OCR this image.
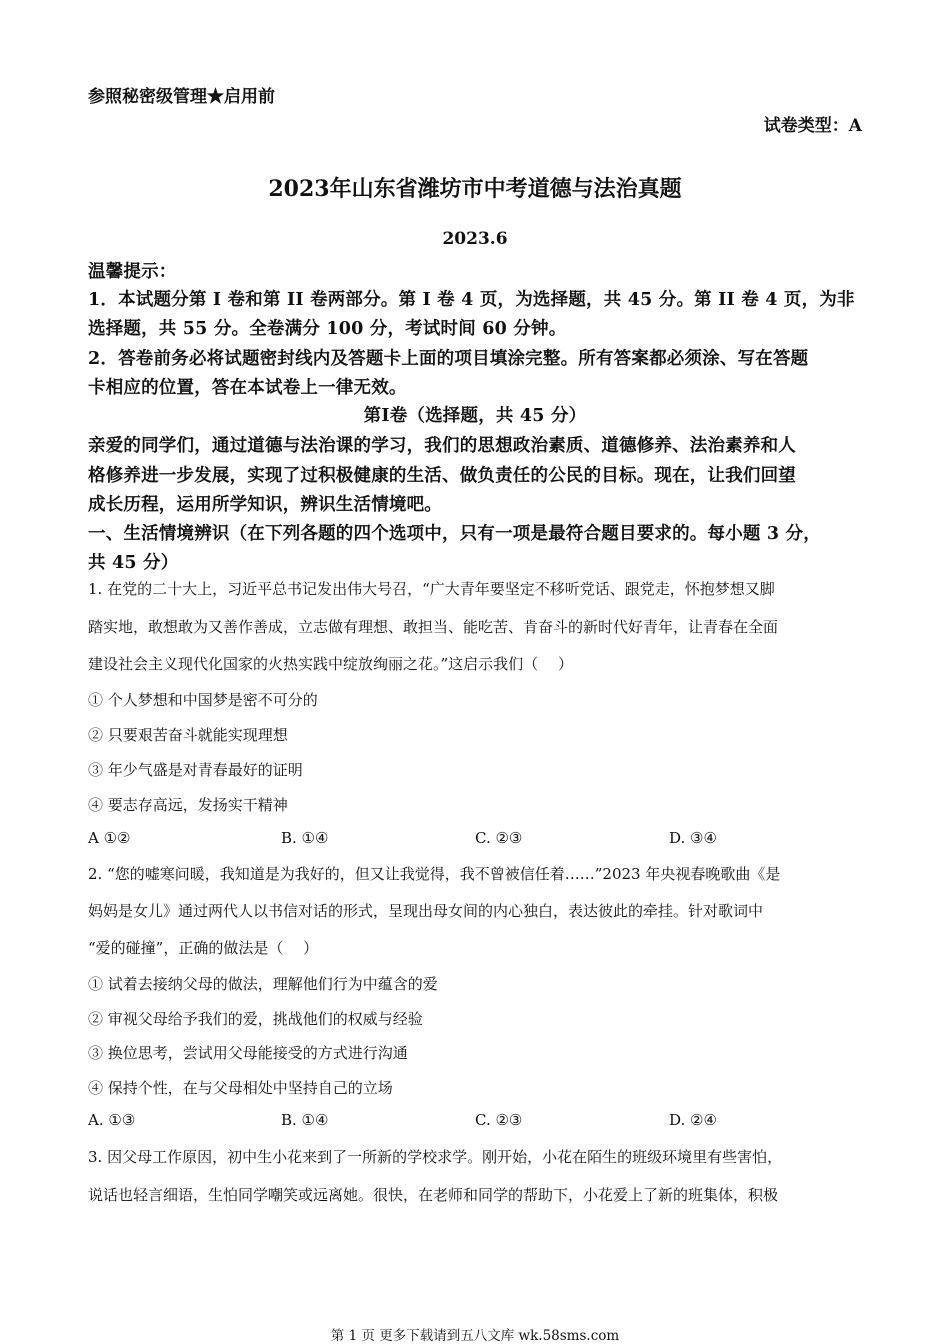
参照秘密级管理★启用前
试卷类型：A
2023年山东省潍坊市中考道德与法治真题
2023.6
温馨提示：
1．本试题分第 I 卷和第 II 卷两部分。第 I 卷 4 页，为选择题，共 45 分。第 II 卷 4 页，为非
选择题，共 55 分。全卷满分 100 分，考试时间 60 分钟。
2．答卷前务必将试题密封线内及答题卡上面的项目填涂完整。所有答案都必须涂、写在答题
卡相应的位置，答在本试卷上一律无效。
第Ⅰ卷（选择题，共 45 分）
亲爱的同学们，通过道德与法治课的学习，我们的思想政治素质、道德修养、法治素养和人
格修养进一步发展，实现了过积极健康的生活、做负责任的公民的目标。现在，让我们回望
成长历程，运用所学知识，辨识生活情境吧。
一、生活情境辨识（在下列各题的四个选项中，只有一项是最符合题目要求的。每小题 3 分，
共 45 分）
1. 在党的二十大上，习近平总书记发出伟大号召，“广大青年要坚定不移听党话、跟党走，怀抱梦想又脚
踏实地，敢想敢为又善作善成，立志做有理想、敢担当、能吃苦、肯奋斗的新时代好青年，让青春在全面
建设社会主义现代化国家的火热实践中绽放绚丽之花。”这启示我们（　 ）
① 个人梦想和中国梦是密不可分的
② 只要艰苦奋斗就能实现理想
③ 年少气盛是对青春最好的证明
④ 要志存高远，发扬实干精神
A ①②	B. ①④	C. ②③	D. ③④
2. “您的嘘寒问暖，我知道是为我好的，但又让我觉得，我不曾被信任着……”2023 年央视春晚歌曲《是
妈妈是女儿》通过两代人以书信对话的形式，呈现出母女间的内心独白，表达彼此的牵挂。针对歌词中
“爱的碰撞”，正确的做法是（　 ）
① 试着去接纳父母的做法，理解他们行为中蕴含的爱
② 审视父母给予我们的爱，挑战他们的权威与经验
③ 换位思考，尝试用父母能接受的方式进行沟通
④ 保持个性，在与父母相处中坚持自己的立场
A. ①③	B. ①④	C. ②③	D. ②④
3. 因父母工作原因，初中生小花来到了一所新的学校求学。刚开始，小花在陌生的班级环境里有些害怕，
说话也轻言细语，生怕同学嘲笑或远离她。很快，在老师和同学的帮助下，小花爱上了新的班集体，积极
第 1 页 更多下载请到五八文库 wk.58sms.com
